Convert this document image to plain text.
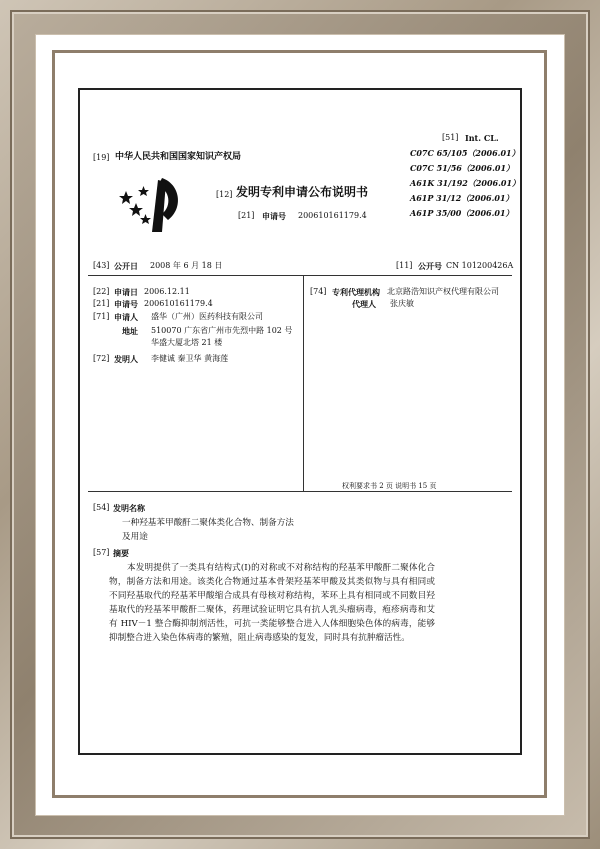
[19] 中华人民共和国国家知识产权局
[12] 发明专利申请公布说明书
[21] 申请号 200610161179.4
[51] Int. CL.
C07C 65/105（2006.01）
C07C 51/56（2006.01）
A61K 31/192（2006.01）
A61P 31/12（2006.01）
A61P 35/00（2006.01）
[43] 公开日 2008 年 6 月 18 日	[11] 公开号 CN 101200426A
[22] 申请日 2006.12.11
[21] 申请号 200610161179.4
[71] 申请人 盛华（广州）医药科技有限公司
地址 510070 广东省广州市先烈中路 102 号
华盛大厦北塔 21 楼
[72] 发明人 李健诚 秦卫华 黄海莲
[74] 专利代理机构 北京路浩知识产权代理有限公司
代理人 张庆敏
权利要求书 2 页 说明书 15 页
[54] 发明名称
一种羟基苯甲酸酐二聚体类化合物、制备方法
及用途
[57] 摘要
本发明提供了一类具有结构式(I)的对称或不对称结构的羟基苯甲酸酐二聚体化合物，制备方法和用途。该类化合物通过基本骨架羟基苯甲酸及其类似物与具有相同或不同羟基取代的羟基苯甲酸缩合成具有母核对称结构，苯环上具有相同或不同数目羟基取代的羟基苯甲酸酐二聚体，药理试验证明它具有抗人乳头瘤病毒，疱疹病毒和艾有 HIV－1 整合酶抑制剂活性，可抗一类能够整合进入人体细胞染色体的病毒，能够抑制整合进入染色体病毒的繁殖，阻止病毒感染的复发，同时具有抗肿瘤活性。
